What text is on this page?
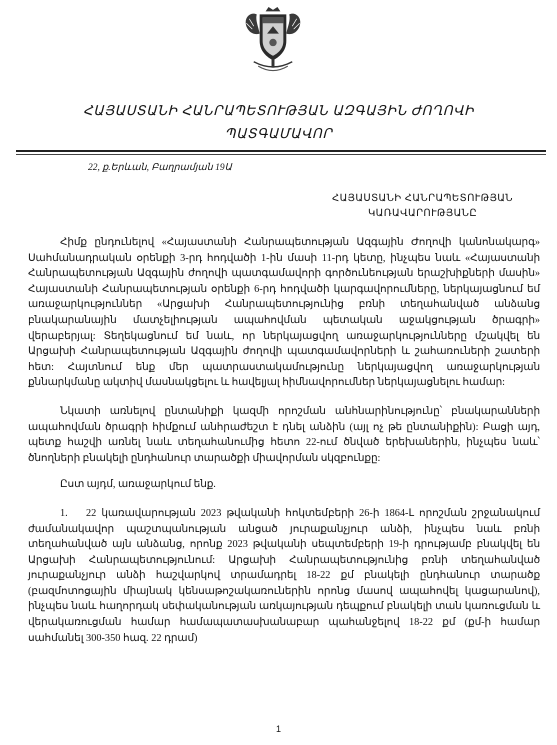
ՀԱՅԱՍՏԱՆԻ ՀԱՆՐԱՊԵՏՈՒԹՅԱՆ ԱԶԳԱՅԻՆ ԺՈՂՈՎԻ
ՊԱՏԳԱՄԱՎՈՐ
22, ք.Երևան, Բաղրամյան 19Ա
ՀԱՅԱՍՏԱՆԻ ՀԱՆՐԱՊԵՏՈՒԹՅԱՆ
ԿԱՌԱՎԱՐՈՒԹՅԱՆԸ

Հիմք ընդունելով «Հայաստանի Հանրապետության Ազգային Ժողովի կանոնակարգ» Սահմանադրական օրենքի 3-րդ հոդվածի 1-ին մասի 11-րդ կետը, ինչպես նաև «Հայաստանի Հանրապետության Ազգային ժողովի պատգամավորի գործունեության երաշխիքների մասին» Հայաստանի Հանրապետության օրենքի 6-րդ հոդվածի կարգավորումները, ներկայացնում եմ առաջարկություններ «Արցախի Հանրապետությունից բռնի տեղահանված անձանց բնակարանային մատչելիության ապահովման պետական աջակցության ծրագրի» վերաբերյալ: Տեղեկացնում եմ նաև, որ ներկայացվող առաջարկությունները մշակվել են Արցախի Հանրապետության Ազգային ժողովի պատգամավորների և շահառուների շատերի հետ: Հայտնում ենք մեր պատրաստակամությունը ներկայացվող առաջարկության քննարկմանը ակտիվ մասնակցելու և հավելյալ հիմնավորումներ ներկայացնելու համար:

Նկատի առնելով ընտանիքի կազմի որոշման անհնարինությունը՝ բնակարանների ապահովման ծրագրի հիմքում անհրաժեշտ է դնել անձին (այլ ոչ թե ընտանիքին): Բացի այդ, պետք հաշվի առնել նաև տեղահանումից հետո 22-ում ծնված երեխաներին, ինչպես նաև՝ ծնողների բնակելի ընդհանուր տարածքի միավորման սկզբունքը:

Ըստ այդմ, առաջարկում ենք.

1. 22 կառավարության 2023 թվականի հոկտեմբերի 26-ի 1864-Լ որոշման շրջանակում ժամանակավոր պաշտպանության անցած յուրաքանչյուր անձի, ինչպես նաև բռնի տեղահանված այն անձանց, որոնք 2023 թվականի սեպտեմբերի 19-ի դրությամբ բնակվել են Արցախի Հանրապետությունում: Արցախի Հանրապետությունից բռնի տեղահանված յուրաքանչյուր անձի հաշվարկով տրամադրել 18-22 քմ բնակելի ընդհանուր տարածք (բազմոտոցային միայնակ կենսաթոշակառուներին որոնց մասով ապահովել կացարանով), ինչպես նաև հաղորդակ սեփականության առկայության դեպքում բնակելի տան կառուցման և վերակառուցման համար համապատասխանաբար պահանջելով 18-22 քմ (քմ-ի համար սահմանել 300-350 հազ. 22 դրամ)

1
